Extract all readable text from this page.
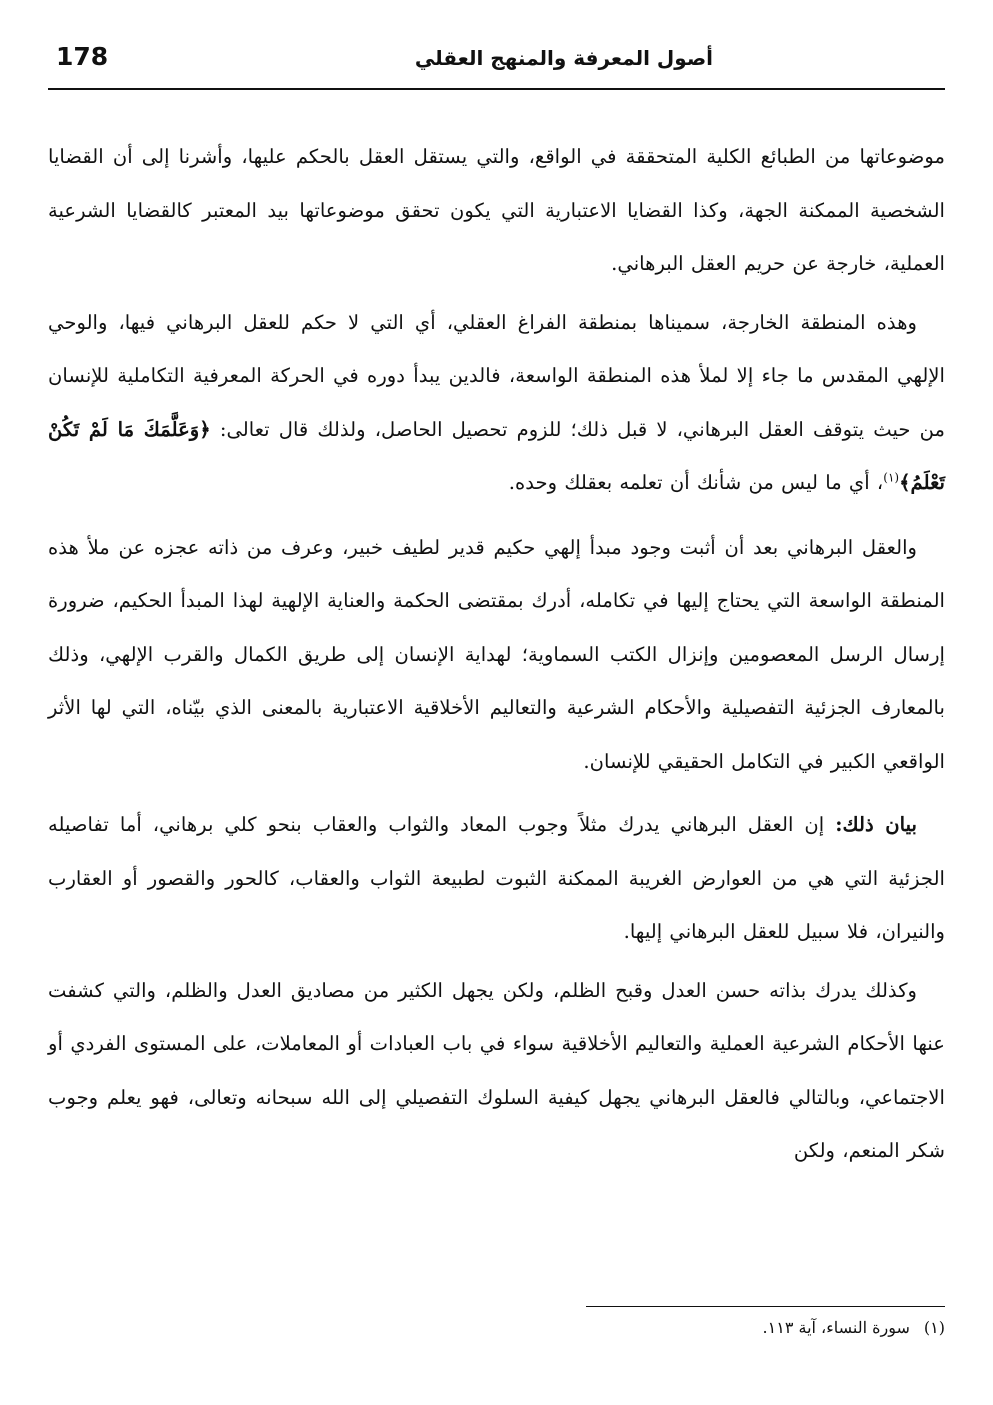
178	أصول المعرفة والمنهج العقلي

موضوعاتها من الطبائع الكلية المتحققة في الواقع، والتي يستقل العقل بالحكم عليها، وأشرنا إلى أن القضايا الشخصية الممكنة الجهة، وكذا القضايا الاعتبارية التي يكون تحقق موضوعاتها بيد المعتبر كالقضايا الشرعية العملية، خارجة عن حريم العقل البرهاني.

وهذه المنطقة الخارجة، سميناها بمنطقة الفراغ العقلي، أي التي لا حكم للعقل البرهاني فيها، والوحي الإلهي المقدس ما جاء إلا لملأ هذه المنطقة الواسعة، فالدين يبدأ دوره في الحركة المعرفية التكاملية للإنسان من حيث يتوقف العقل البرهاني، لا قبل ذلك؛ للزوم تحصيل الحاصل، ولذلك قال تعالى: ﴿وَعَلَّمَكَ مَا لَمْ تَكُنْ تَعْلَمُ﴾$^{(١)}$، أي ما ليس من شأنك أن تعلمه بعقلك وحده.

والعقل البرهاني بعد أن أثبت وجود مبدأ إلهي حكيم قدير لطيف خبير، وعرف من ذاته عجزه عن ملأ هذه المنطقة الواسعة التي يحتاج إليها في تكامله، أدرك بمقتضى الحكمة والعناية الإلهية لهذا المبدأ الحكيم، ضرورة إرسال الرسل المعصومين وإنزال الكتب السماوية؛ لهداية الإنسان إلى طريق الكمال والقرب الإلهي، وذلك بالمعارف الجزئية التفصيلية والأحكام الشرعية والتعاليم الأخلاقية الاعتبارية بالمعنى الذي بيّناه، التي لها الأثر الواقعي الكبير في التكامل الحقيقي للإنسان.

بيان ذلك: إن العقل البرهاني يدرك مثلاً وجوب المعاد والثواب والعقاب بنحو كلي برهاني، أما تفاصيله الجزئية التي هي من العوارض الغريبة الممكنة الثبوت لطبيعة الثواب والعقاب، كالحور والقصور أو العقارب والنيران، فلا سبيل للعقل البرهاني إليها.

وكذلك يدرك بذاته حسن العدل وقبح الظلم، ولكن يجهل الكثير من مصاديق العدل والظلم، والتي كشفت عنها الأحكام الشرعية العملية والتعاليم الأخلاقية سواء في باب العبادات أو المعاملات، على المستوى الفردي أو الاجتماعي، وبالتالي فالعقل البرهاني يجهل كيفية السلوك التفصيلي إلى الله سبحانه وتعالى، فهو يعلم وجوب شكر المنعم، ولكن

(١)سورة النساء، آية ١١٣.
